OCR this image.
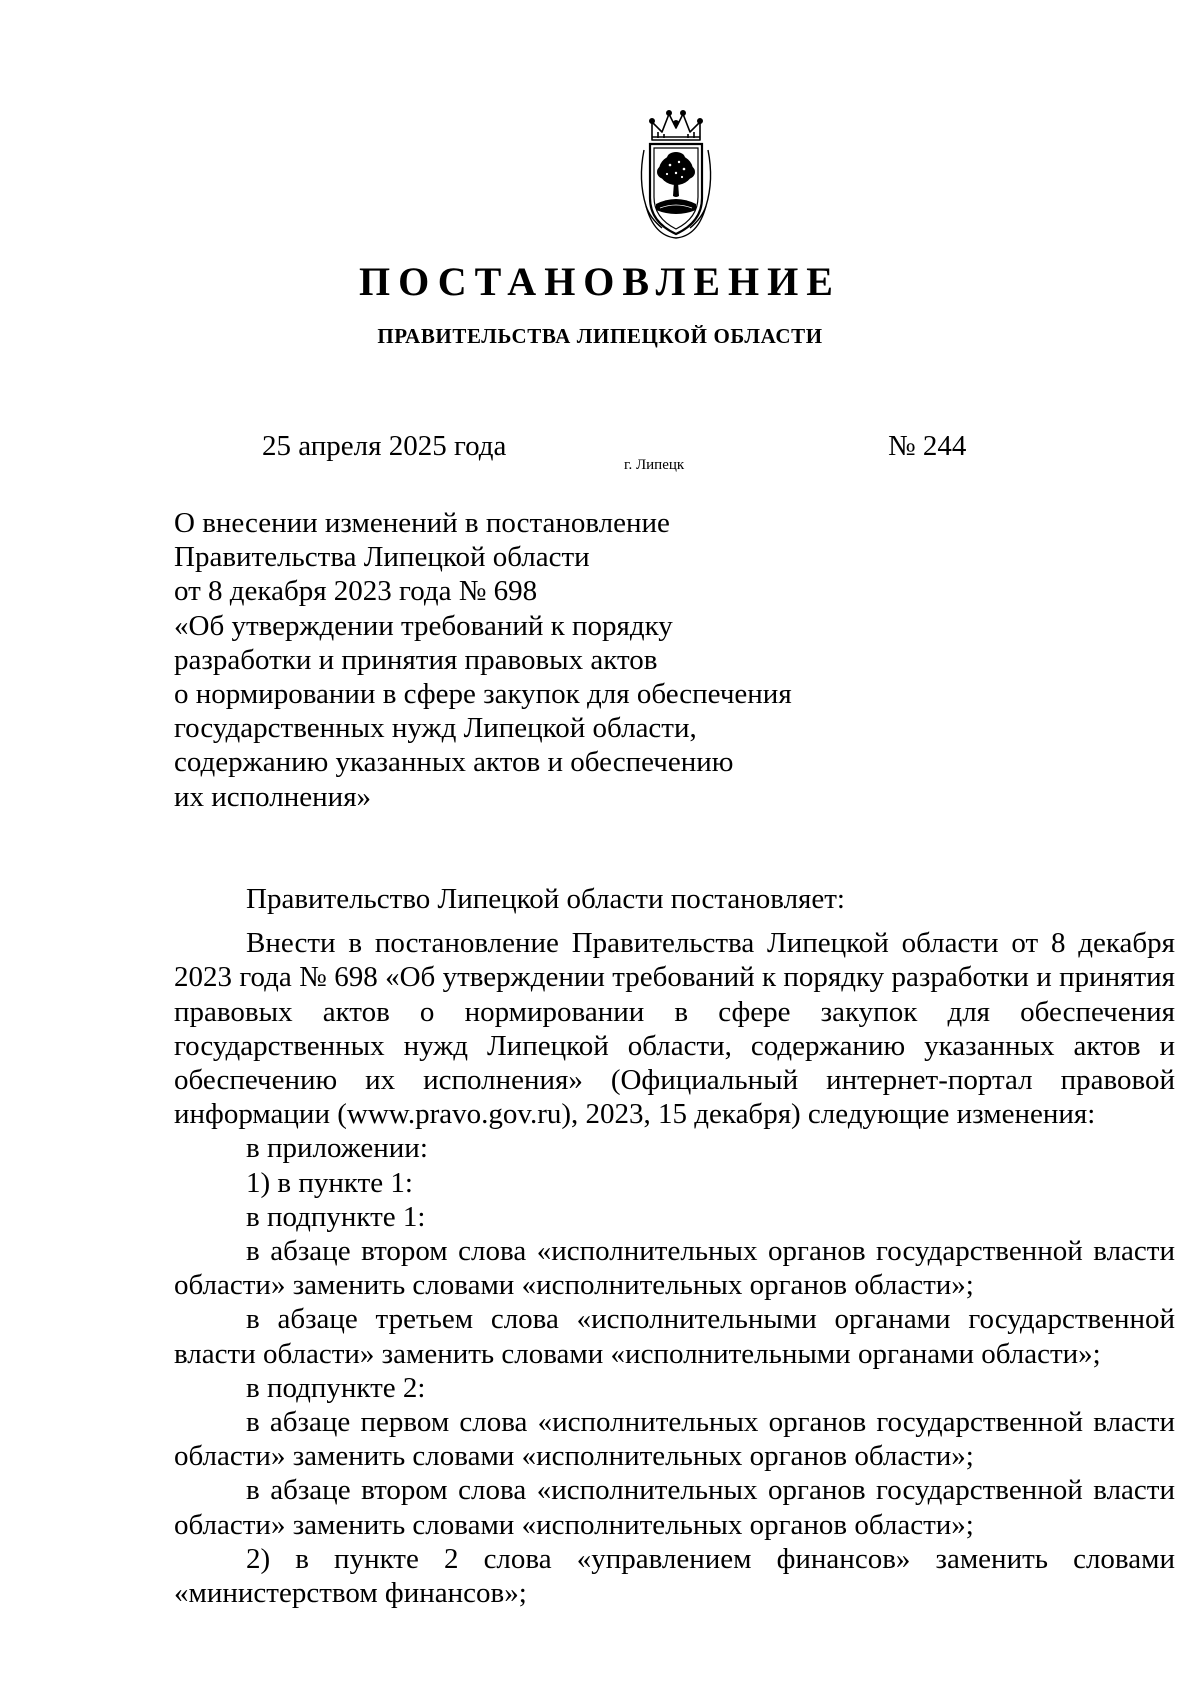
ПОСТАНОВЛЕНИЕ
ПРАВИТЕЛЬСТВА ЛИПЕЦКОЙ ОБЛАСТИ
25 апреля 2025 года
г. Липецк
№ 244
О внесении изменений в постановление
Правительства Липецкой области
от 8 декабря 2023 года № 698
«Об утверждении требований к порядку
разработки и принятия правовых актов
о нормировании в сфере закупок для обеспечения
государственных нужд Липецкой области,
содержанию указанных актов и обеспечению
их исполнения»

Правительство Липецкой области постановляет:

Внести в постановление Правительства Липецкой области от 8 декабря 2023 года № 698 «Об утверждении требований к порядку разработки и принятия правовых актов о нормировании в сфере закупок для обеспечения государственных нужд Липецкой области, содержанию указанных актов и обеспечению их исполнения» (Официальный интернет-портал правовой информации (www.pravo.gov.ru), 2023, 15 декабря) следующие изменения:

в приложении:

1) в пункте 1:

в подпункте 1:

в абзаце втором слова «исполнительных органов государственной власти области» заменить словами «исполнительных органов области»;

в абзаце третьем слова «исполнительными органами государственной власти области» заменить словами «исполнительными органами области»;

в подпункте 2:

в абзаце первом слова «исполнительных органов государственной власти области» заменить словами «исполнительных органов области»;

в абзаце втором слова «исполнительных органов государственной власти области» заменить словами «исполнительных органов области»;

2) в пункте 2 слова «управлением финансов» заменить словами «министерством финансов»;
